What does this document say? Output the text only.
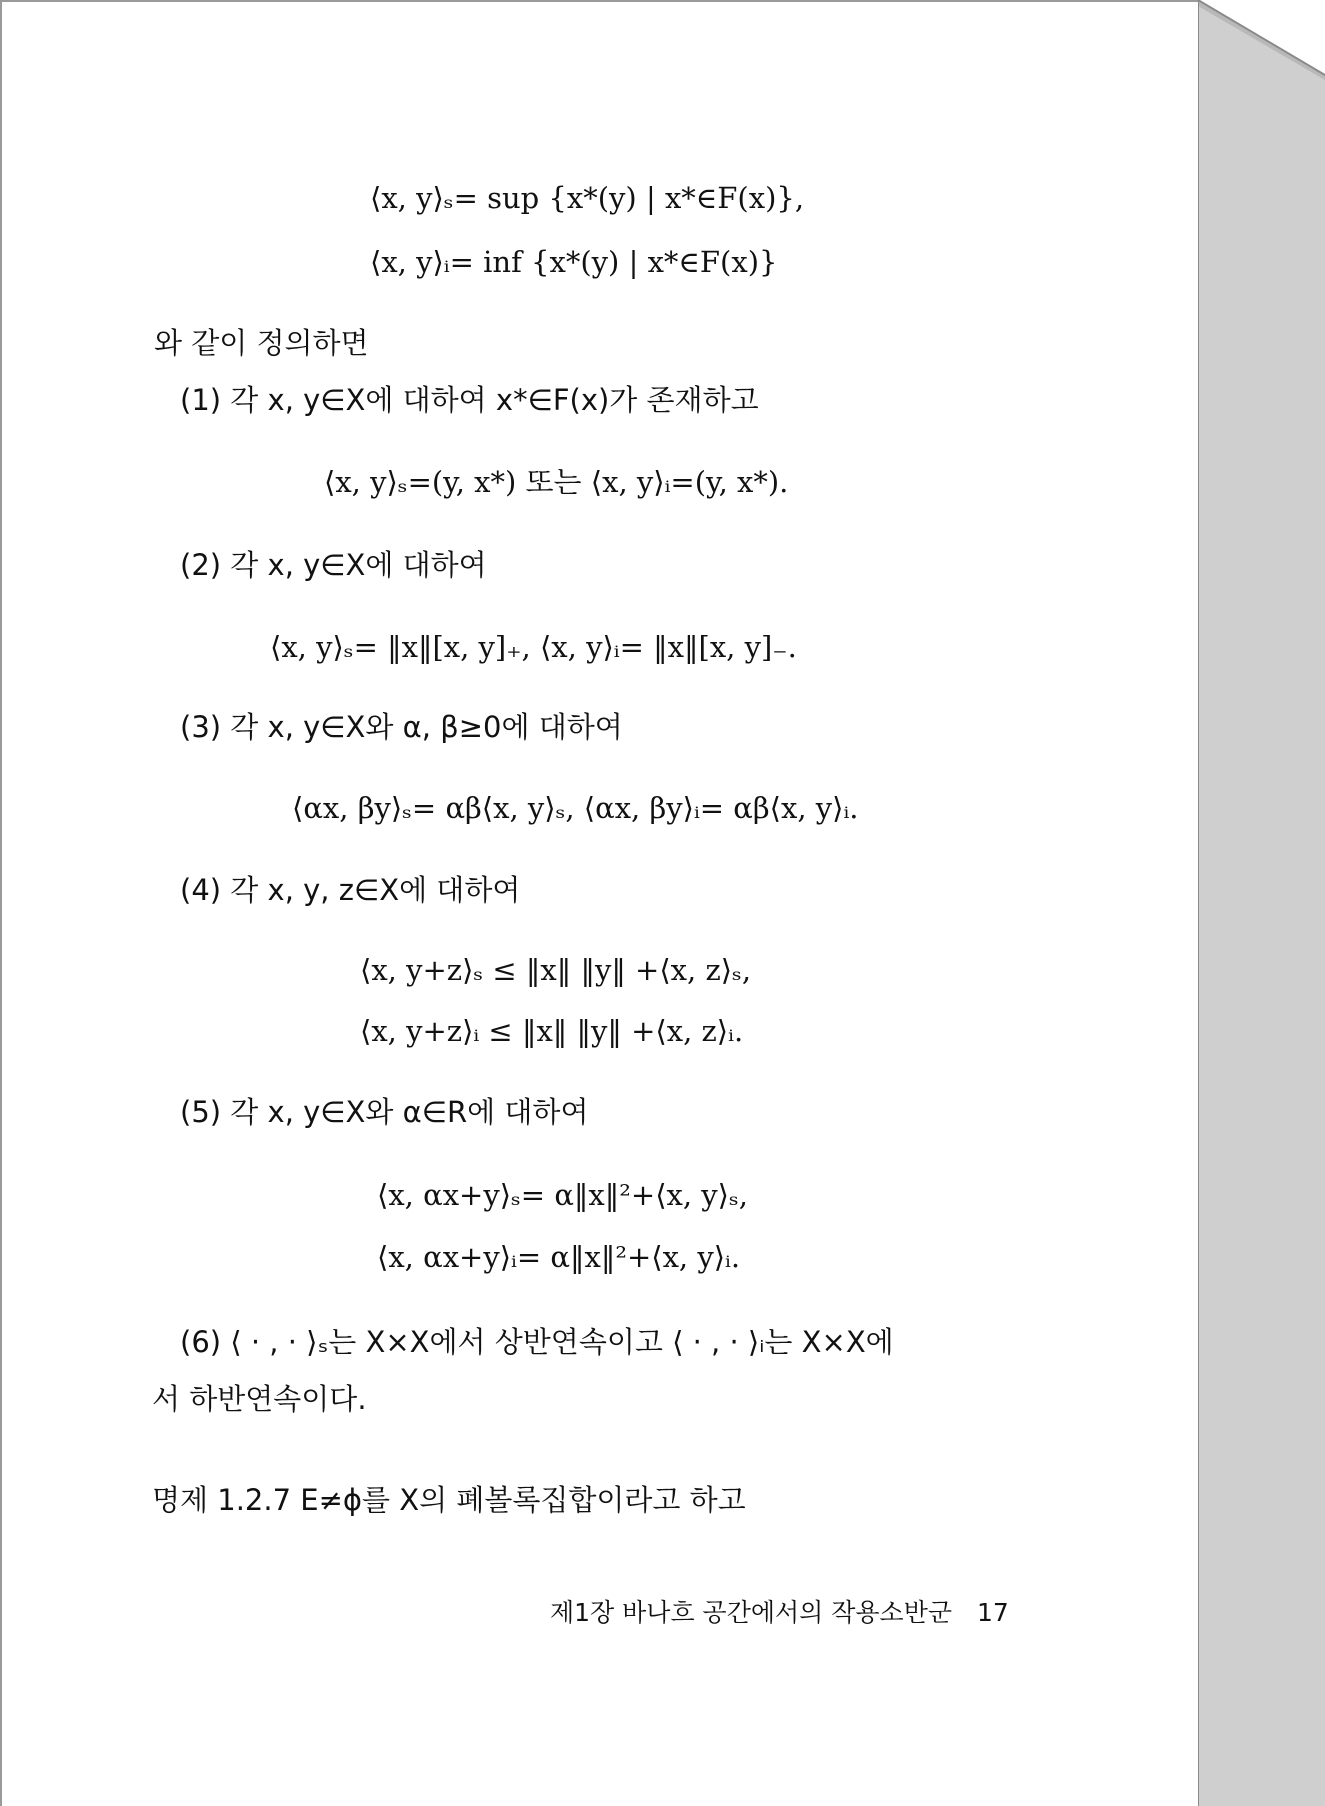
⟨x, y⟩ₛ= sup {x*(y) | x*∈F(x)},
⟨x, y⟩ᵢ= inf {x*(y) | x*∈F(x)}
와 같이 정의하면
(1) 각 x, y∈X에 대하여 x*∈F(x)가 존재하고
⟨x, y⟩ₛ=(y, x*) 또는 ⟨x, y⟩ᵢ=(y, x*).
(2) 각 x, y∈X에 대하여
⟨x, y⟩ₛ= ‖x‖[x, y]₊, ⟨x, y⟩ᵢ= ‖x‖[x, y]₋.
(3) 각 x, y∈X와 α, β≥0에 대하여
⟨αx, βy⟩ₛ= αβ⟨x, y⟩ₛ, ⟨αx, βy⟩ᵢ= αβ⟨x, y⟩ᵢ.
(4) 각 x, y, z∈X에 대하여
⟨x, y+z⟩ₛ ≤ ‖x‖ ‖y‖ +⟨x, z⟩ₛ,
⟨x, y+z⟩ᵢ ≤ ‖x‖ ‖y‖ +⟨x, z⟩ᵢ.
(5) 각 x, y∈X와 α∈R에 대하여
⟨x, αx+y⟩ₛ= α‖x‖²+⟨x, y⟩ₛ,
⟨x, αx+y⟩ᵢ= α‖x‖²+⟨x, y⟩ᵢ.
(6) ⟨ · , · ⟩ₛ는 X×X에서 상반연속이고 ⟨ · , · ⟩ᵢ는 X×X에
서 하반연속이다.
명제 1.2.7 E≠ϕ를 X의 폐볼록집합이라고 하고
제1장 바나흐 공간에서의 작용소반군 17
